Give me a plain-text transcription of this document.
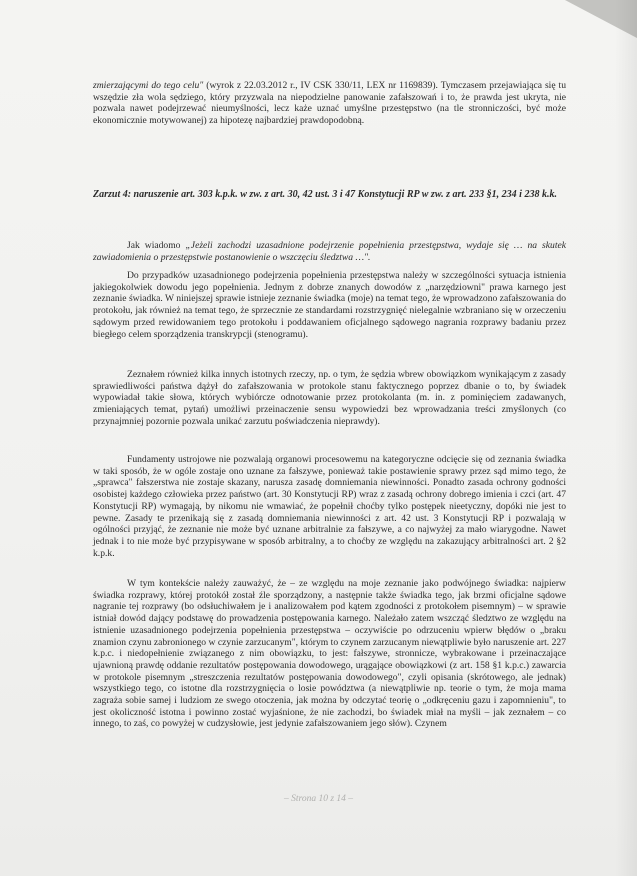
zmierzającymi do tego celu" (wyrok z 22.03.2012 r., IV CSK 330/11, LEX nr 1169839). Tymczasem przejawiająca się tu wszędzie zła wola sędziego, który przyzwala na niepodzielne panowanie zafałszowań i to, że prawda jest ukryta, nie pozwala nawet podejrzewać nieumyślności, lecz każe uznać umyślne przestępstwo (na tle stronniczości, być może ekonomicznie motywowanej) za hipotezę najbardziej prawdopodobną.

Zarzut 4: naruszenie art. 303 k.p.k. w zw. z art. 30, 42 ust. 3 i 47 Konstytucji RP w zw. z art. 233 §1, 234 i 238 k.k.

Jak wiadomo „Jeżeli zachodzi uzasadnione podejrzenie popełnienia przestępstwa, wydaje się … na skutek zawiadomienia o przestępstwie postanowienie o wszczęciu śledztwa …".

Do przypadków uzasadnionego podejrzenia popełnienia przestępstwa należy w szczególności sytuacja istnienia jakiegokolwiek dowodu jego popełnienia. Jednym z dobrze znanych dowodów z „narzędziowni" prawa karnego jest zeznanie świadka. W niniejszej sprawie istnieje zeznanie świadka (moje) na temat tego, że wprowadzono zafałszowania do protokołu, jak również na temat tego, że sprzecznie ze standardami rozstrzygnięć nielegalnie wzbraniano się w orzeczeniu sądowym przed rewidowaniem tego protokołu i poddawaniem oficjalnego sądowego nagrania rozprawy badaniu przez biegłego celem sporządzenia transkrypcji (stenogramu).

Zeznałem również kilka innych istotnych rzeczy, np. o tym, że sędzia wbrew obowiązkom wynikającym z zasady sprawiedliwości państwa dążył do zafałszowania w protokole stanu faktycznego poprzez dbanie o to, by świadek wypowiadał takie słowa, których wybiórcze odnotowanie przez protokolanta (m. in. z pominięciem zadawanych, zmieniających temat, pytań) umożliwi przeinaczenie sensu wypowiedzi bez wprowadzania treści zmyślonych (co przynajmniej pozornie pozwala unikać zarzutu poświadczenia nieprawdy).

Fundamenty ustrojowe nie pozwalają organowi procesowemu na kategoryczne odcięcie się od zeznania świadka w taki sposób, że w ogóle zostaje ono uznane za fałszywe, ponieważ takie postawienie sprawy przez sąd mimo tego, że „sprawca" fałszerstwa nie zostaje skazany, narusza zasadę domniemania niewinności. Ponadto zasada ochrony godności osobistej każdego człowieka przez państwo (art. 30 Konstytucji RP) wraz z zasadą ochrony dobrego imienia i czci (art. 47 Konstytucji RP) wymagają, by nikomu nie wmawiać, że popełnił choćby tylko postępek nieetyczny, dopóki nie jest to pewne. Zasady te przenikają się z zasadą domniemania niewinności z art. 42 ust. 3 Konstytucji RP i pozwalają w ogólności przyjąć, że zeznanie nie może być uznane arbitralnie za fałszywe, a co najwyżej za mało wiarygodne. Nawet jednak i to nie może być przypisywane w sposób arbitralny, a to choćby ze względu na zakazujący arbitralności art. 2 §2 k.p.k.

W tym kontekście należy zauważyć, że – ze względu na moje zeznanie jako podwójnego świadka: najpierw świadka rozprawy, której protokół został źle sporządzony, a następnie także świadka tego, jak brzmi oficjalne sądowe nagranie tej rozprawy (bo odsłuchiwałem je i analizowałem pod kątem zgodności z protokołem pisemnym) – w sprawie istniał dowód dający podstawę do prowadzenia postępowania karnego. Należało zatem wszcząć śledztwo ze względu na istnienie uzasadnionego podejrzenia popełnienia przestępstwa – oczywiście po odrzuceniu wpierw błędów o „braku znamion czynu zabronionego w czynie zarzucanym", którym to czynem zarzucanym niewątpliwie było naruszenie art. 227 k.p.c. i niedopełnienie związanego z nim obowiązku, to jest: fałszywe, stronnicze, wybrakowane i przeinaczające ujawnioną prawdę oddanie rezultatów postępowania dowodowego, urągające obowiązkowi (z art. 158 §1 k.p.c.) zawarcia w protokole pisemnym „streszczenia rezultatów postępowania dowodowego", czyli opisania (skrótowego, ale jednak) wszystkiego tego, co istotne dla rozstrzygnięcia o losie powództwa (a niewątpliwie np. teorie o tym, że moja mama zagraża sobie samej i ludziom ze swego otoczenia, jak można by odczytać teorię o „odkręceniu gazu i zapomnieniu", to jest okoliczność istotna i powinno zostać wyjaśnione, że nie zachodzi, bo świadek miał na myśli – jak zeznałem – co innego, to zaś, co powyżej w cudzysłowie, jest jedynie zafałszowaniem jego słów). Czynem

– Strona 10 z 14 –
